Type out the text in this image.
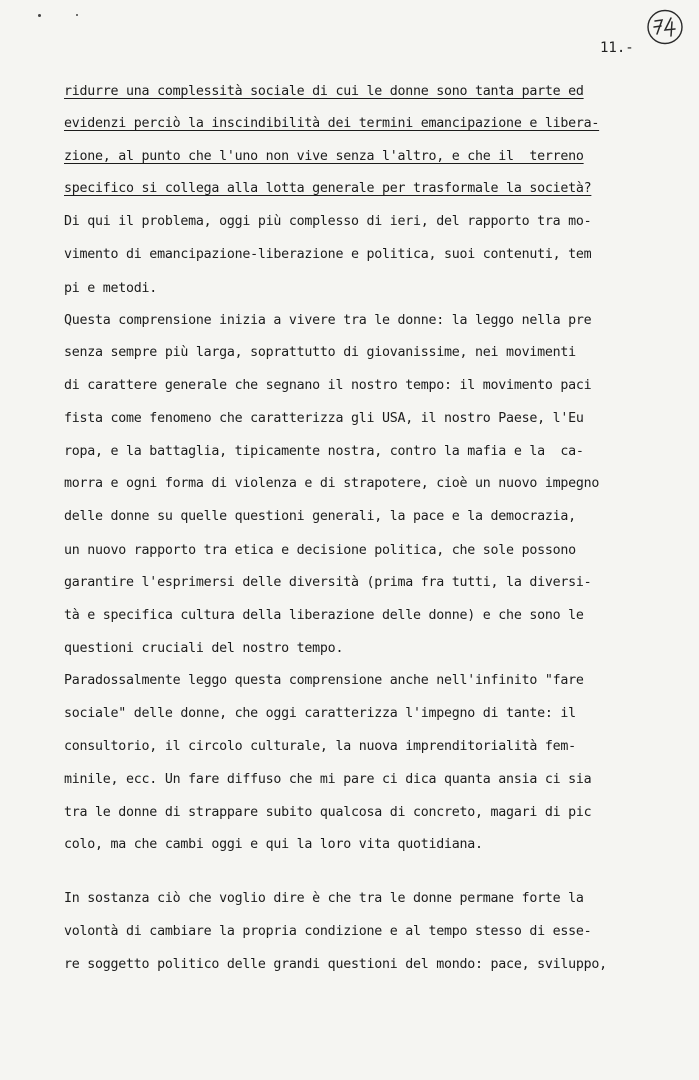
11.-
ridurre una complessità sociale di cui le donne sono tanta parte ed
evidenzi perciò la inscindibilità dei termini emancipazione e libera-
zione, al punto che l'uno non vive senza l'altro, e che il  terreno
specifico si collega alla lotta generale per trasformale la società?
Di qui il problema, oggi più complesso di ieri, del rapporto tra mo-
vimento di emancipazione-liberazione e politica, suoi contenuti, tem
pi e metodi.
Questa comprensione inizia a vivere tra le donne: la leggo nella pre
senza sempre più larga, soprattutto di giovanissime, nei movimenti
di carattere generale che segnano il nostro tempo: il movimento paci
fista come fenomeno che caratterizza gli USA, il nostro Paese, l'Eu
ropa, e la battaglia, tipicamente nostra, contro la mafia e la  ca-
morra e ogni forma di violenza e di strapotere, cioè un nuovo impegno
delle donne su quelle questioni generali, la pace e la democrazia,
un nuovo rapporto tra etica e decisione politica, che sole possono
garantire l'esprimersi delle diversità (prima fra tutti, la diversi-
tà e specifica cultura della liberazione delle donne) e che sono le
questioni cruciali del nostro tempo.
Paradossalmente leggo questa comprensione anche nell'infinito "fare
sociale" delle donne, che oggi caratterizza l'impegno di tante: il
consultorio, il circolo culturale, la nuova imprenditorialità fem-
minile, ecc. Un fare diffuso che mi pare ci dica quanta ansia ci sia
tra le donne di strappare subito qualcosa di concreto, magari di pic
colo, ma che cambi oggi e qui la loro vita quotidiana.
In sostanza ciò che voglio dire è che tra le donne permane forte la
volontà di cambiare la propria condizione e al tempo stesso di esse-
re soggetto politico delle grandi questioni del mondo: pace, sviluppo,
